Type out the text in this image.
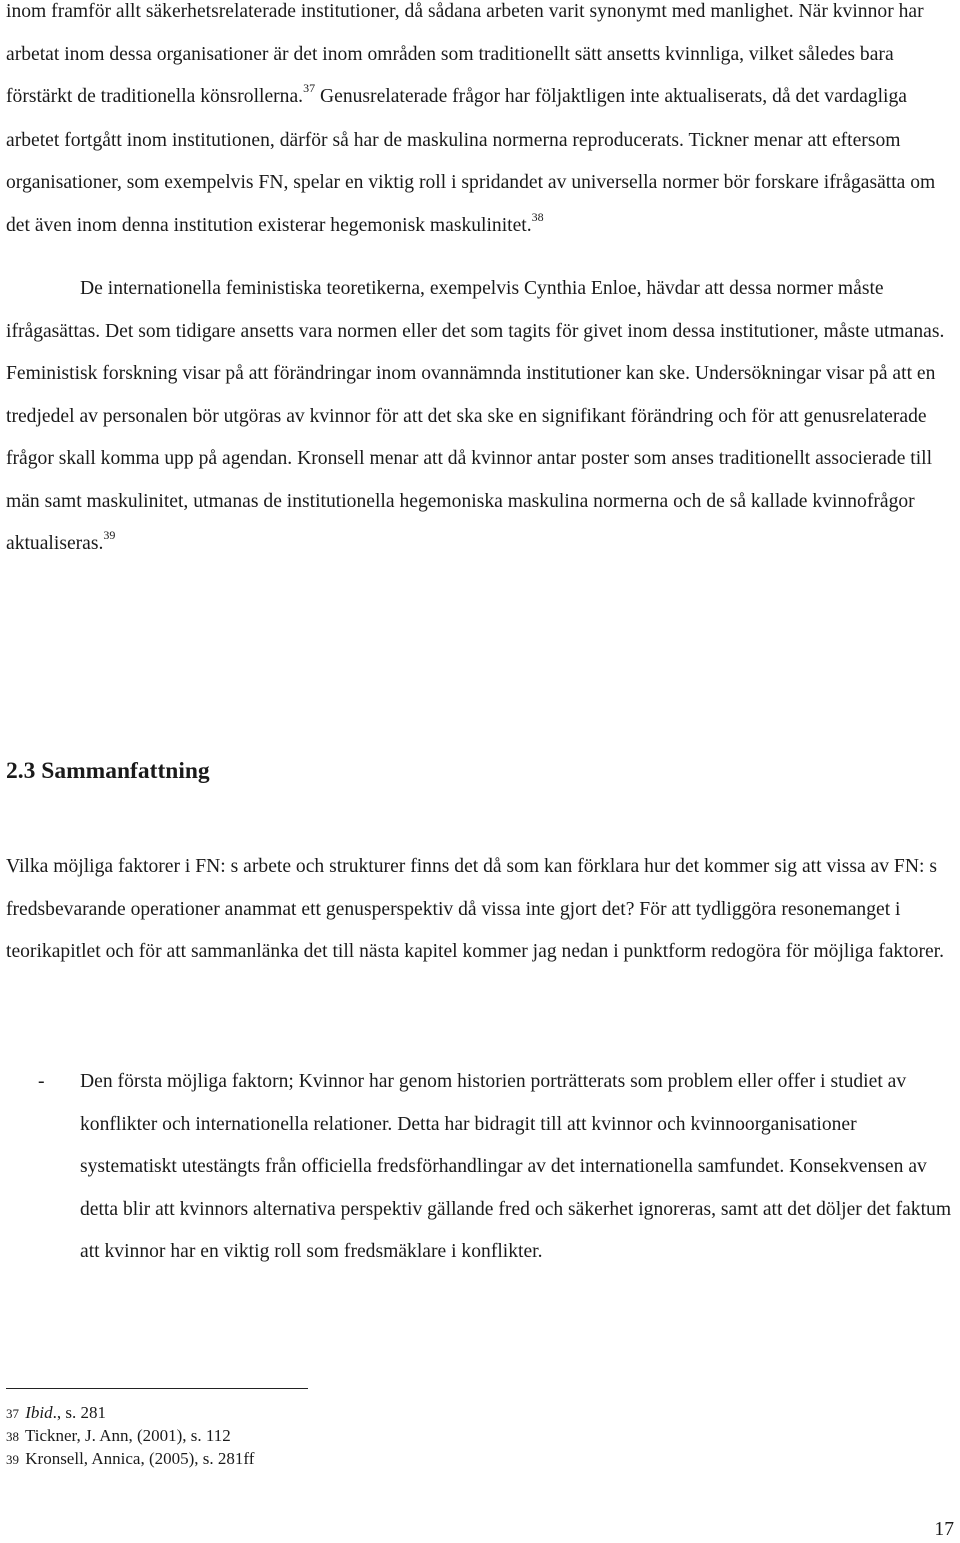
inom framför allt säkerhetsrelaterade institutioner, då sådana arbeten varit synonymt med manlighet. När kvinnor har arbetat inom dessa organisationer är det inom områden som traditionellt sätt ansetts kvinnliga, vilket således bara förstärkt de traditionella könsrollerna.$^{37}$ Genusrelaterade frågor har följaktligen inte aktualiserats, då det vardagliga arbetet fortgått inom institutionen, därför så har de maskulina normerna reproducerats. Tickner menar att eftersom organisationer, som exempelvis FN, spelar en viktig roll i spridandet av universella normer bör forskare ifrågasätta om det även inom denna institution existerar hegemonisk maskulinitet.$^{38}$

De internationella feministiska teoretikerna, exempelvis Cynthia Enloe, hävdar att dessa normer måste ifrågasättas. Det som tidigare ansetts vara normen eller det som tagits för givet inom dessa institutioner, måste utmanas. Feministisk forskning visar på att förändringar inom ovannämnda institutioner kan ske. Undersökningar visar på att en tredjedel av personalen bör utgöras av kvinnor för att det ska ske en signifikant förändring och för att genusrelaterade frågor skall komma upp på agendan. Kronsell menar att då kvinnor antar poster som anses traditionellt associerade till män samt maskulinitet, utmanas de institutionella hegemoniska maskulina normerna och de så kallade kvinnofrågor aktualiseras.$^{39}$

2.3 Sammanfattning

Vilka möjliga faktorer i FN: s arbete och strukturer finns det då som kan förklara hur det kommer sig att vissa av FN: s fredsbevarande operationer anammat ett genusperspektiv då vissa inte gjort det? För att tydliggöra resonemanget i teorikapitlet och för att sammanlänka det till nästa kapitel kommer jag nedan i punktform redogöra för möjliga faktorer.

- Den första möjliga faktorn; Kvinnor har genom historien porträtterats som problem eller offer i studiet av konflikter och internationella relationer. Detta har bidragit till att kvinnor och kvinnoorganisationer systematiskt utestängts från officiella fredsförhandlingar av det internationella samfundet. Konsekvensen av detta blir att kvinnors alternativa perspektiv gällande fred och säkerhet ignoreras, samt att det döljer det faktum att kvinnor har en viktig roll som fredsmäklare i konflikter.

37 Ibid., s. 281
38 Tickner, J. Ann, (2001), s. 112
39 Kronsell, Annica, (2005), s. 281ff
17
